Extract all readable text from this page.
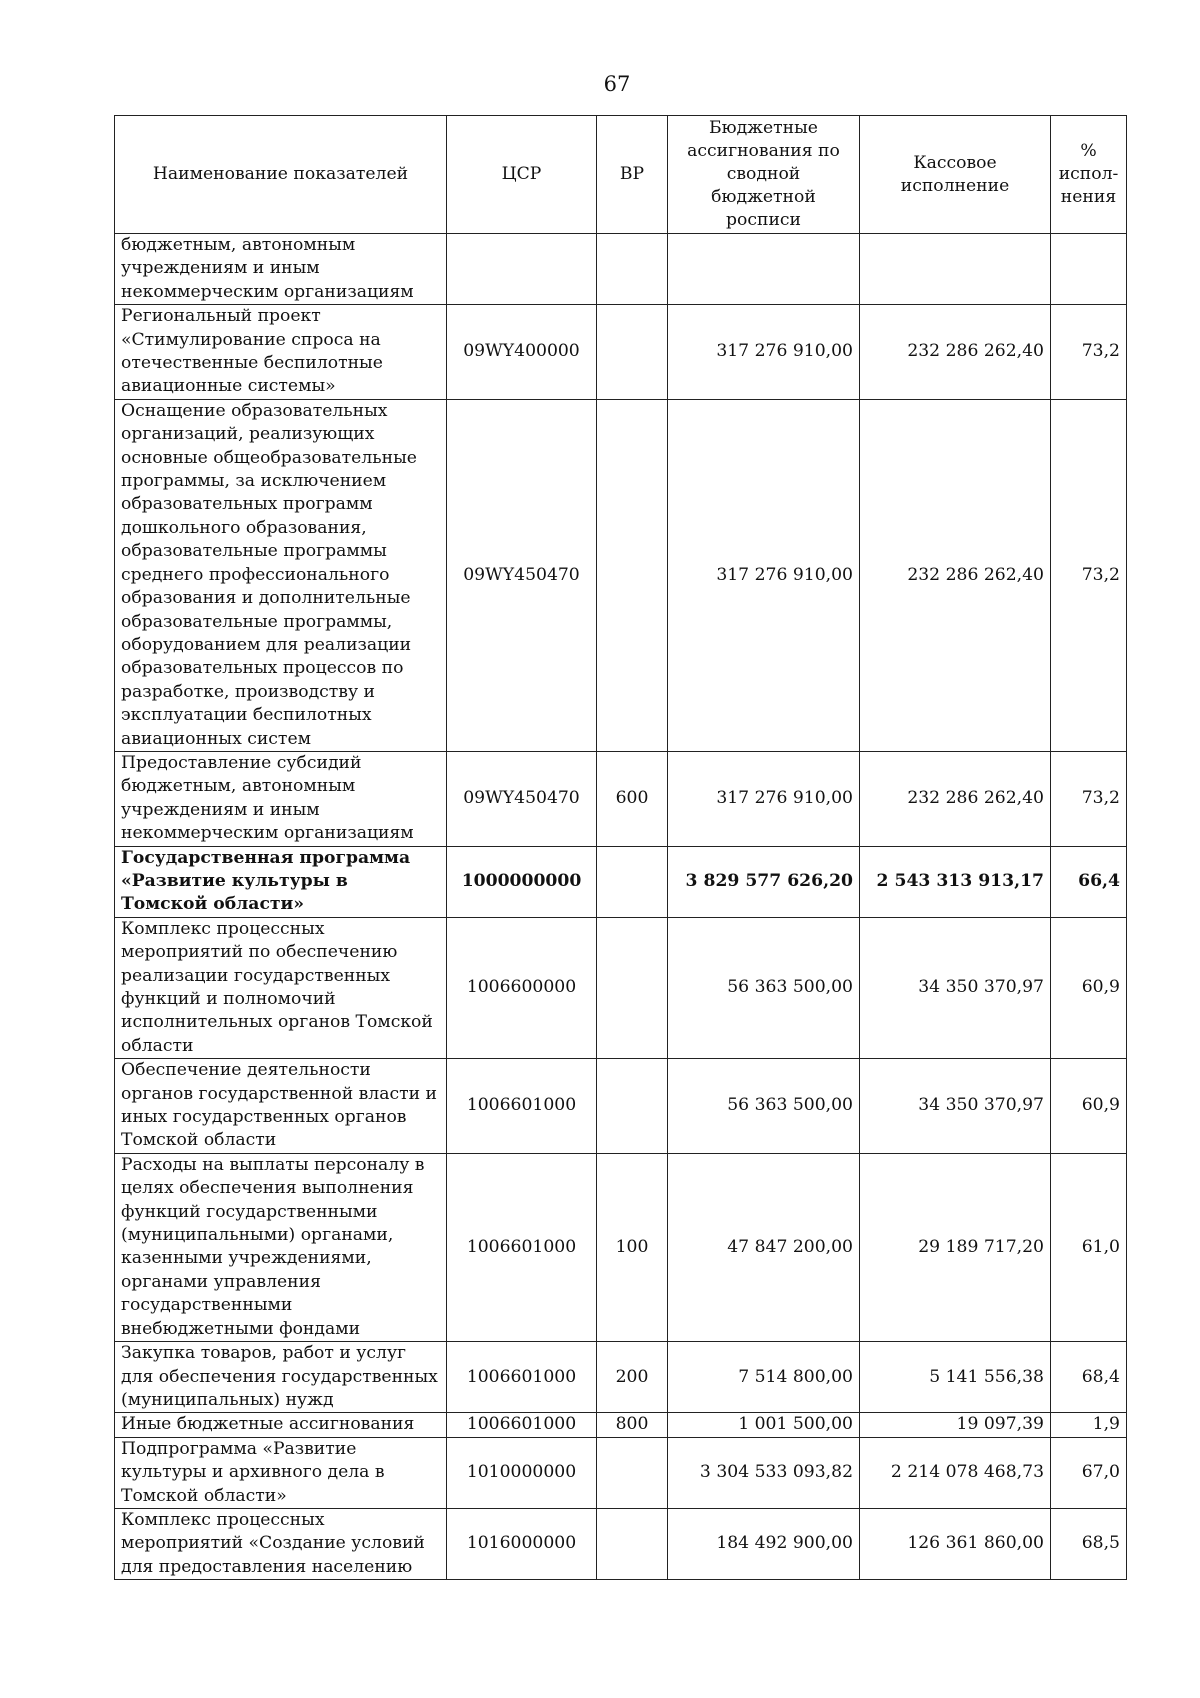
67
Наименование показателей	ЦСР	ВР	Бюджетные ассигнования по сводной бюджетной росписи	Кассовое исполнение	% испол-нения
бюджетным, автономным учреждениям и иным некоммерческим организациям					
Региональный проект «Стимулирование спроса на отечественные беспилотные авиационные системы»	09WY400000		317 276 910,00	232 286 262,40	73,2
Оснащение образовательных организаций, реализующих основные общеобразовательные программы, за исключением образовательных программ дошкольного образования, образовательные программы среднего профессионального образования и дополнительные образовательные программы, оборудованием для реализации образовательных процессов по разработке, производству и эксплуатации беспилотных авиационных систем	09WY450470		317 276 910,00	232 286 262,40	73,2
Предоставление субсидий бюджетным, автономным учреждениям и иным некоммерческим организациям	09WY450470	600	317 276 910,00	232 286 262,40	73,2
Государственная программа «Развитие культуры в Томской области»	1000000000		3 829 577 626,20	2 543 313 913,17	66,4
Комплекс процессных мероприятий по обеспечению реализации государственных функций и полномочий исполнительных органов Томской области	1006600000		56 363 500,00	34 350 370,97	60,9
Обеспечение деятельности органов государственной власти и иных государственных органов Томской области	1006601000		56 363 500,00	34 350 370,97	60,9
Расходы на выплаты персоналу в целях обеспечения выполнения функций государственными (муниципальными) органами, казенными учреждениями, органами управления государственными внебюджетными фондами	1006601000	100	47 847 200,00	29 189 717,20	61,0
Закупка товаров, работ и услуг для обеспечения государственных (муниципальных) нужд	1006601000	200	7 514 800,00	5 141 556,38	68,4
Иные бюджетные ассигнования	1006601000	800	1 001 500,00	19 097,39	1,9
Подпрограмма «Развитие культуры и архивного дела в Томской области»	1010000000		3 304 533 093,82	2 214 078 468,73	67,0
Комплекс процессных мероприятий «Создание условий для предоставления населению	1016000000		184 492 900,00	126 361 860,00	68,5
